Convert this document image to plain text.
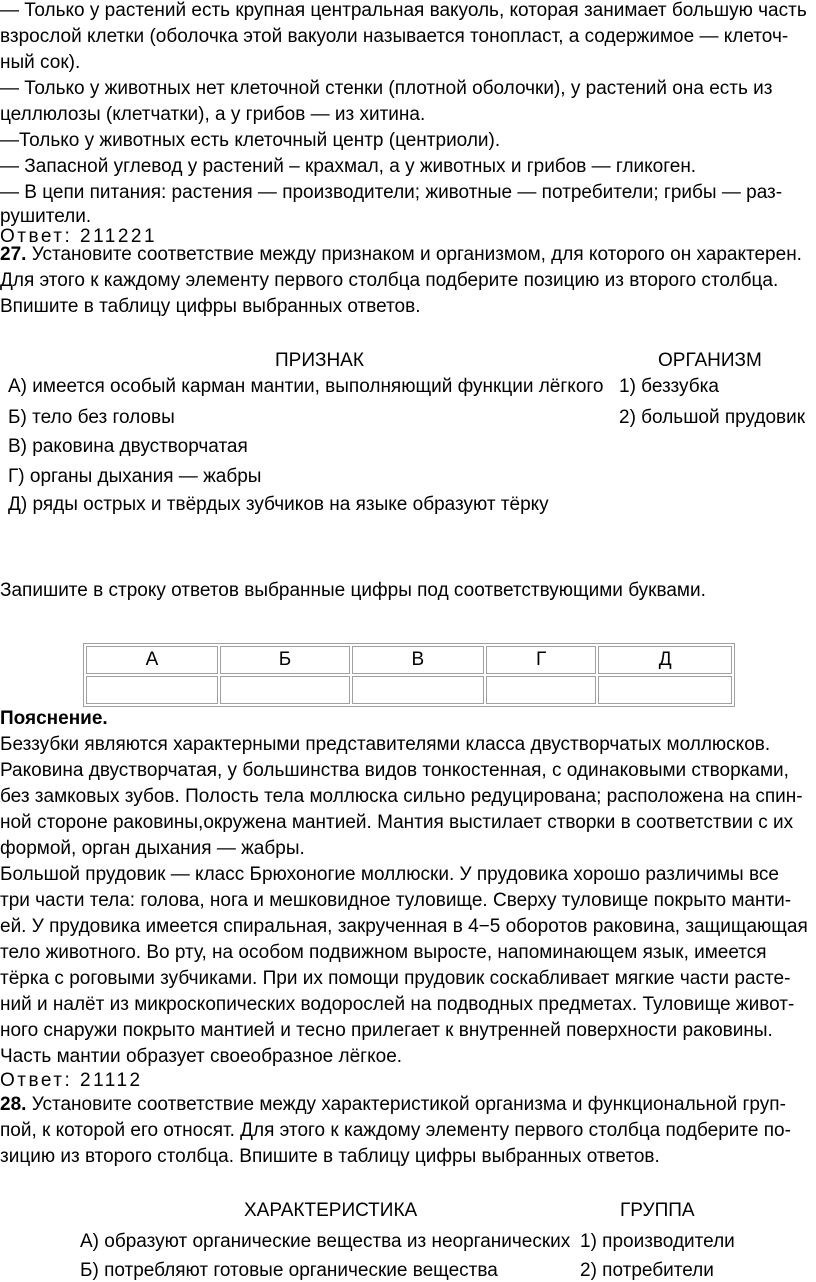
— Только у растений есть крупная центральная вакуоль, которая занимает большую часть
взрослой клетки (оболочка этой вакуоли называется тонопласт, а содержимое — клеточ-
ный сок).
— Только у животных нет клеточной стенки (плотной оболочки), у растений она есть из
целлюлозы (клетчатки), а у грибов — из хитина.
—Только у животных есть клеточный центр (центриоли).
— Запасной углевод у растений – крахмал, а у животных и грибов — гликоген.
— В цепи питания: растения — производители; животные — потребители; грибы — раз-
рушители.
Ответ: 211221
27. Установите соответствие между признаком и организмом, для которого он характерен.
Для этого к каждому элементу первого столбца подберите позицию из второго столбца.
Впишите в таблицу цифры выбранных ответов.
ПРИЗНАК	ОРГАНИЗМ
А) имеется особый карман мантии, выполняющий функции лёгкого 1) беззубка
Б) тело без головы	2) большой прудовик
В) раковина двустворчатая
Г) органы дыхания — жабры
Д) ряды острых и твёрдых зубчиков на языке образуют тёрку
Запишите в строку ответов выбранные цифры под соответствующими буквами.
А	Б	В	Г	Д

Пояснение.
Беззубки являются характерными представителями класса двустворчатых моллюсков.
Раковина двустворчатая, у большинства видов тонкостенная, с одинаковыми створками,
без замковых зубов. Полость тела моллюска сильно редуцирована; расположена на спин-
ной стороне раковины,окружена мантией. Мантия выстилает створки в соответствии с их
формой, орган дыхания — жабры.
Большой прудовик — класс Брюхоногие моллюски. У прудовика хорошо различимы все
три части тела: голова, нога и мешковидное туловище. Сверху туловище покрыто манти-
ей. У прудовика имеется спиральная, закрученная в 4−5 оборотов раковина, защищающая
тело животного. Во рту, на особом подвижном выросте, напоминающем язык, имеется
тёрка с роговыми зубчиками. При их помощи прудовик соскабливает мягкие части расте-
ний и налёт из микроскопических водорослей на подводных предметах. Туловище живот-
ного снаружи покрыто мантией и тесно прилегает к внутренней поверхности раковины.
Часть мантии образует своеобразное лёгкое.
Ответ: 21112
28. Установите соответствие между характеристикой организма и функциональной груп-
пой, к которой его относят. Для этого к каждому элементу первого столбца подберите по-
зицию из второго столбца. Впишите в таблицу цифры выбранных ответов.
ХАРАКТЕРИСТИКА	ГРУППА
А) образуют органические вещества из неорганических 1) производители
Б) потребляют готовые органические вещества	2) потребители
